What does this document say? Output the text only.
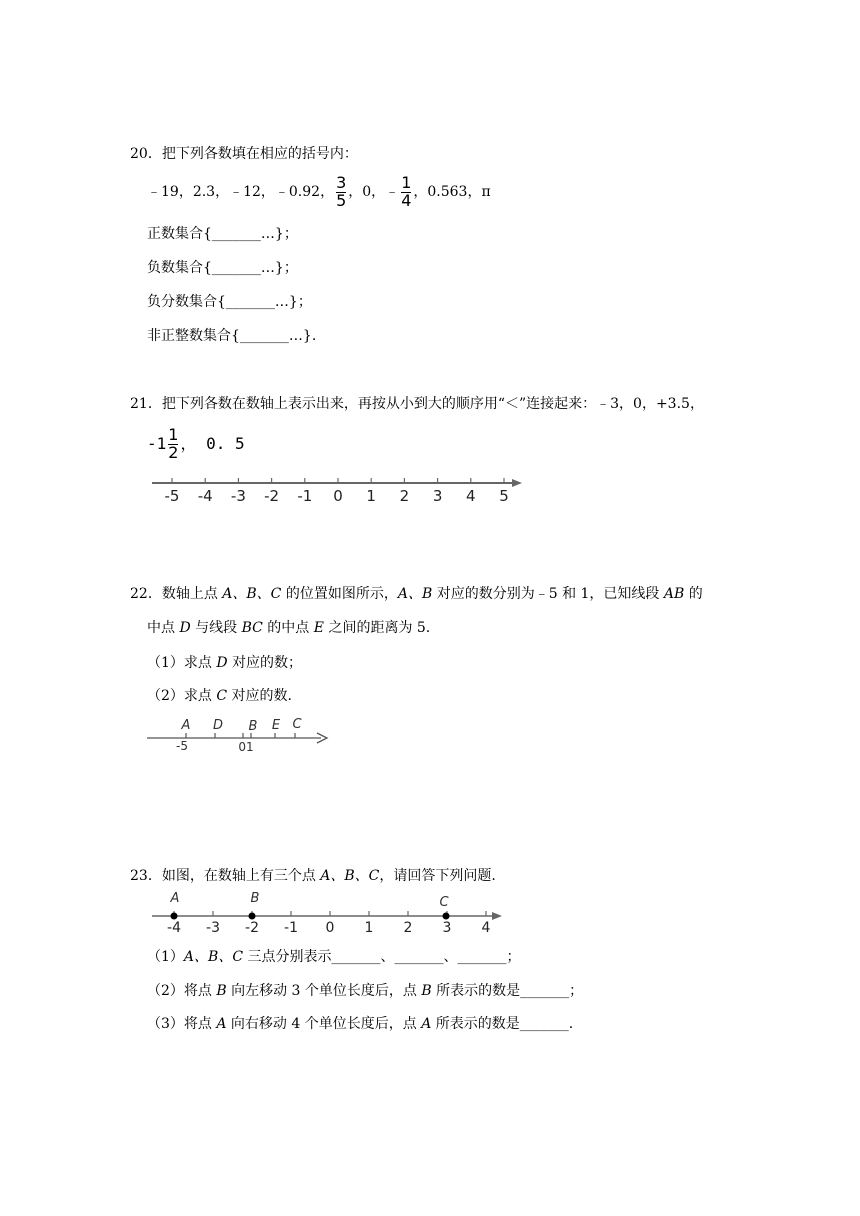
20．把下列各数填在相应的括号内：
﹣19，2.3，﹣12，﹣0.92， $\frac{3}{5}$ ，0，﹣ $\frac{1}{4}$ ，0.563，π
正数集合{_______…}；
负数集合{_______…}；
负分数集合{_______…}；
非正整数集合{_______…}.
21．把下列各数在数轴上表示出来，再按从小到大的顺序用“＜”连接起来：﹣3，0，+3.5，
$-1 \frac{1}{2}$ ， 0. 5
-5 -4 -3 -2 -1 0 1 2 3 4 5
22．数轴上点 A、B、C 的位置如图所示，A、B 对应的数分别为﹣5 和 1，已知线段 AB 的
中点 D 与线段 BC 的中点 E 之间的距离为 5.
（1）求点 D 对应的数；
（2）求点 C 对应的数.
A D B E C
-5	01
23．如图，在数轴上有三个点 A、B、C，请回答下列问题.
-4 -3 -2 -1 0 1 2 3 4
A	B	C
（1）A、B、C 三点分别表示_______、_______、_______；
（2）将点 B 向左移动 3 个单位长度后，点 B 所表示的数是_______；
（3）将点 A 向右移动 4 个单位长度后，点 A 所表示的数是_______.
